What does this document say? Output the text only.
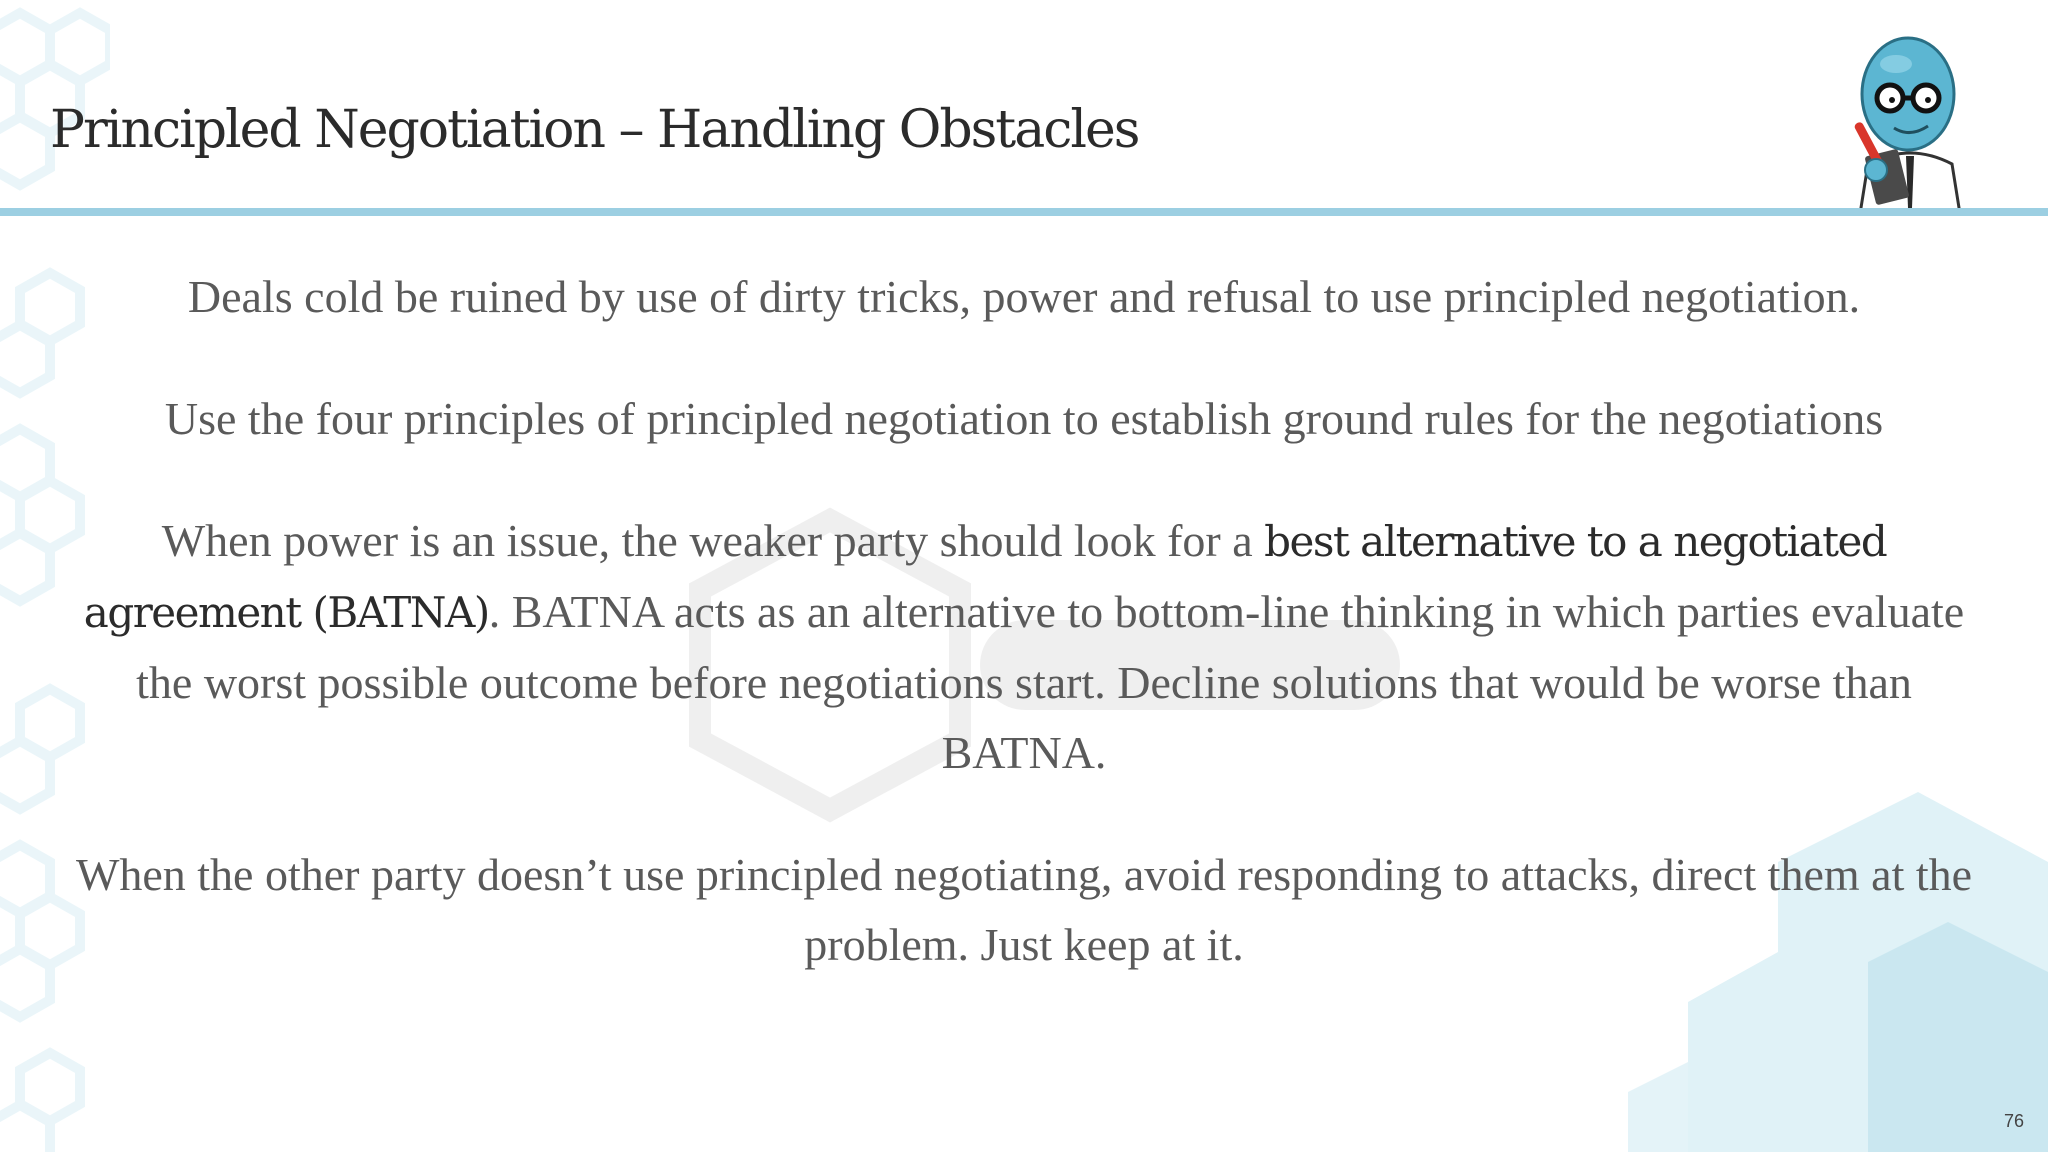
Principled Negotiation – Handling Obstacles

Deals cold be ruined by use of dirty tricks, power and refusal to use principled negotiation.

Use the four principles of principled negotiation to establish ground rules for the negotiations

When power is an issue, the weaker party should look for a best alternative to a negotiated agreement (BATNA). BATNA acts as an alternative to bottom-line thinking in which parties evaluate the worst possible outcome before negotiations start. Decline solutions that would be worse than BATNA.

When the other party doesn’t use principled negotiating, avoid responding to attacks, direct them at the problem. Just keep at it.

76
